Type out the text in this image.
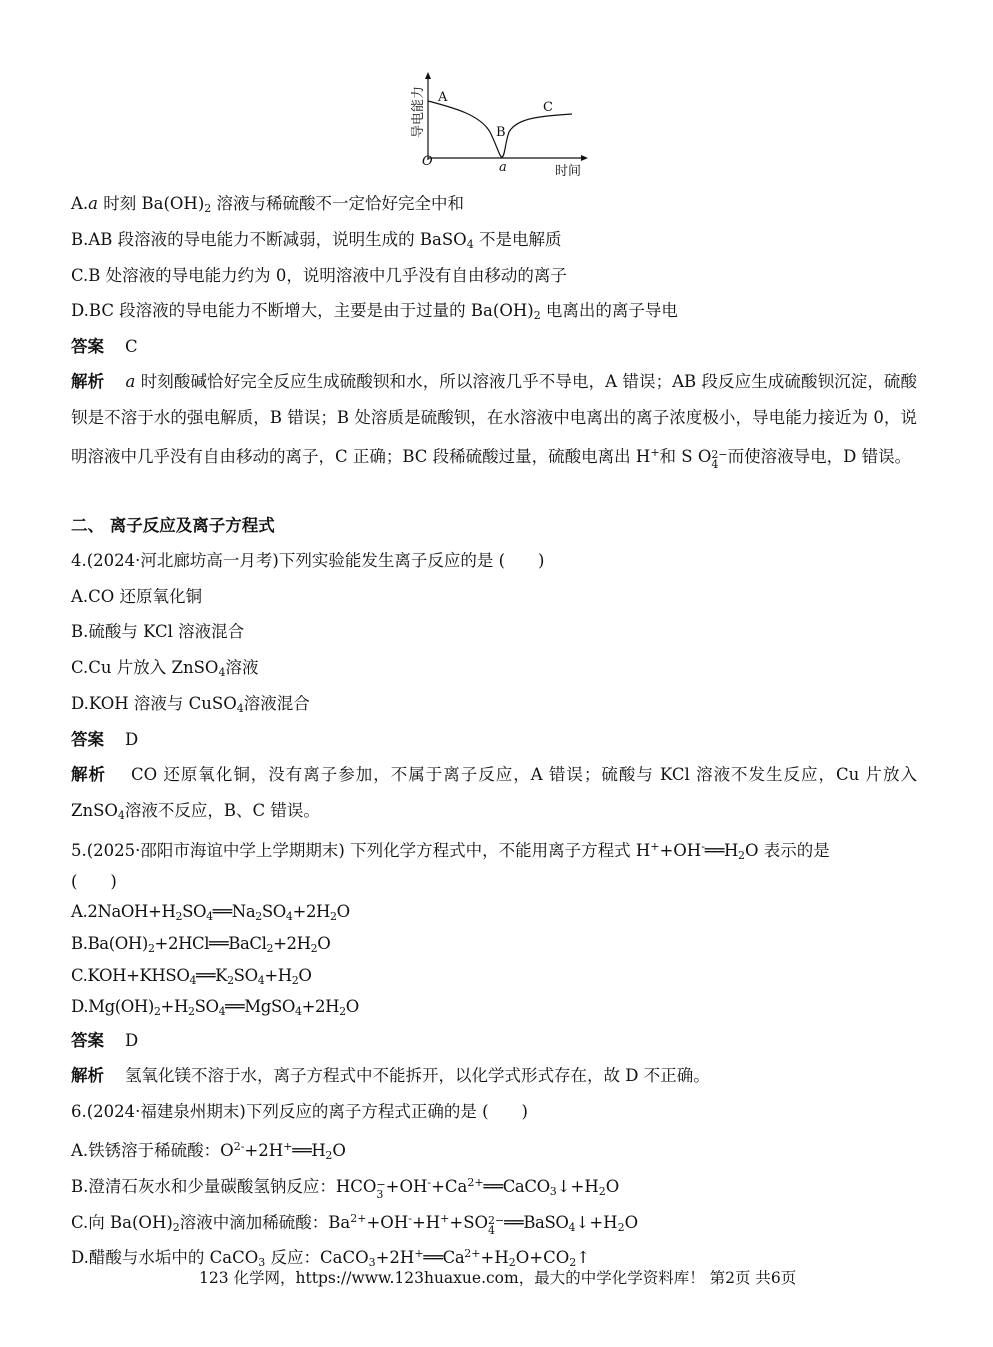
导电能力
时间
O	a
A
B
C
A.a 时刻 $Ba(OH)_2$ 溶液与稀硫酸不一定恰好完全中和
B.AB 段溶液的导电能力不断减弱，说明生成的 BaSO$_4$ 不是电解质
C.B 处溶液的导电能力约为 0，说明溶液中几乎没有自由移动的离子
D.BC 段溶液的导电能力不断增大，主要是由于过量的 $Ba(OH)_2$ 电离出的离子导电
答案 C
解析 a 时刻酸碱恰好完全反应生成硫酸钡和水，所以溶液几乎不导电，A 错误；AB 段反应生成硫酸钡沉淀，硫酸钡是不溶于水的强电解质，B 错误；B 处溶质是硫酸钡，在水溶液中电离出的离子浓度极小，导电能力接近为 0，说明溶液中几乎没有自由移动的离子，C 正确；BC 段稀硫酸过量，硫酸电离出 H+和 S O 2−
4 而使溶液导电，D 错误。
二、 离子反应及离子方程式
4.(2024·河北廊坊高一月考)下列实验能发生离子反应的是 (　　)
A.CO 还原氧化铜
B.硫酸与 KCl 溶液混合
C.Cu 片放入 ZnSO$_4$溶液
D.KOH 溶液与 CuSO$_4$溶液混合
答案 D
解析 CO 还原氧化铜，没有离子参加，不属于离子反应，A 错误；硫酸与 KCl 溶液不发生反应，Cu 片放入 ZnSO$_4$溶液不反应，B、C 错误。
5.(2025·邵阳市海谊中学上学期期末) 下列化学方程式中，不能用离子方程式 $H^++OH^-══H_2O$ 表示的是
(　　)
$A.2NaOH+H_2SO_4══Na_2SO_4+2H_2O$
$B.Ba(OH)_2+2HCl══BaCl_2+2H_2O$
$C.KOH+KHSO_4══K_2SO_4+H_2O$
$D.Mg(OH)_2+H_2SO_4══MgSO_4+2H_2O$
答案 D
解析 氢氧化镁不溶于水，离子方程式中不能拆开，以化学式形式存在，故 D 不正确。
6.(2024·福建泉州期末)下列反应的离子方程式正确的是 (　　)
A.铁锈溶于稀硫酸：$O^{2-}+2H^+══H_2O$
B.澄清石灰水和少量碳酸氢钠反应：HCO −
$3 +OH^-+Ca^{2+}══CaCO_3↓+H_2O$
C.向 $Ba(OH)_2$溶液中滴加稀硫酸：$Ba^{2+}+OH^-+H^++SO$ 2−
4 $══BaSO_4↓+H_2O$
D.醋酸与水垢中的 CaCO$_3$ 反应：$CaCO_3+2H^+══Ca^{2+}+H_2O+CO_2↑$
123 化学网，https://www.123huaxue.com，最大的中学化学资料库！ 第2页 共6页
